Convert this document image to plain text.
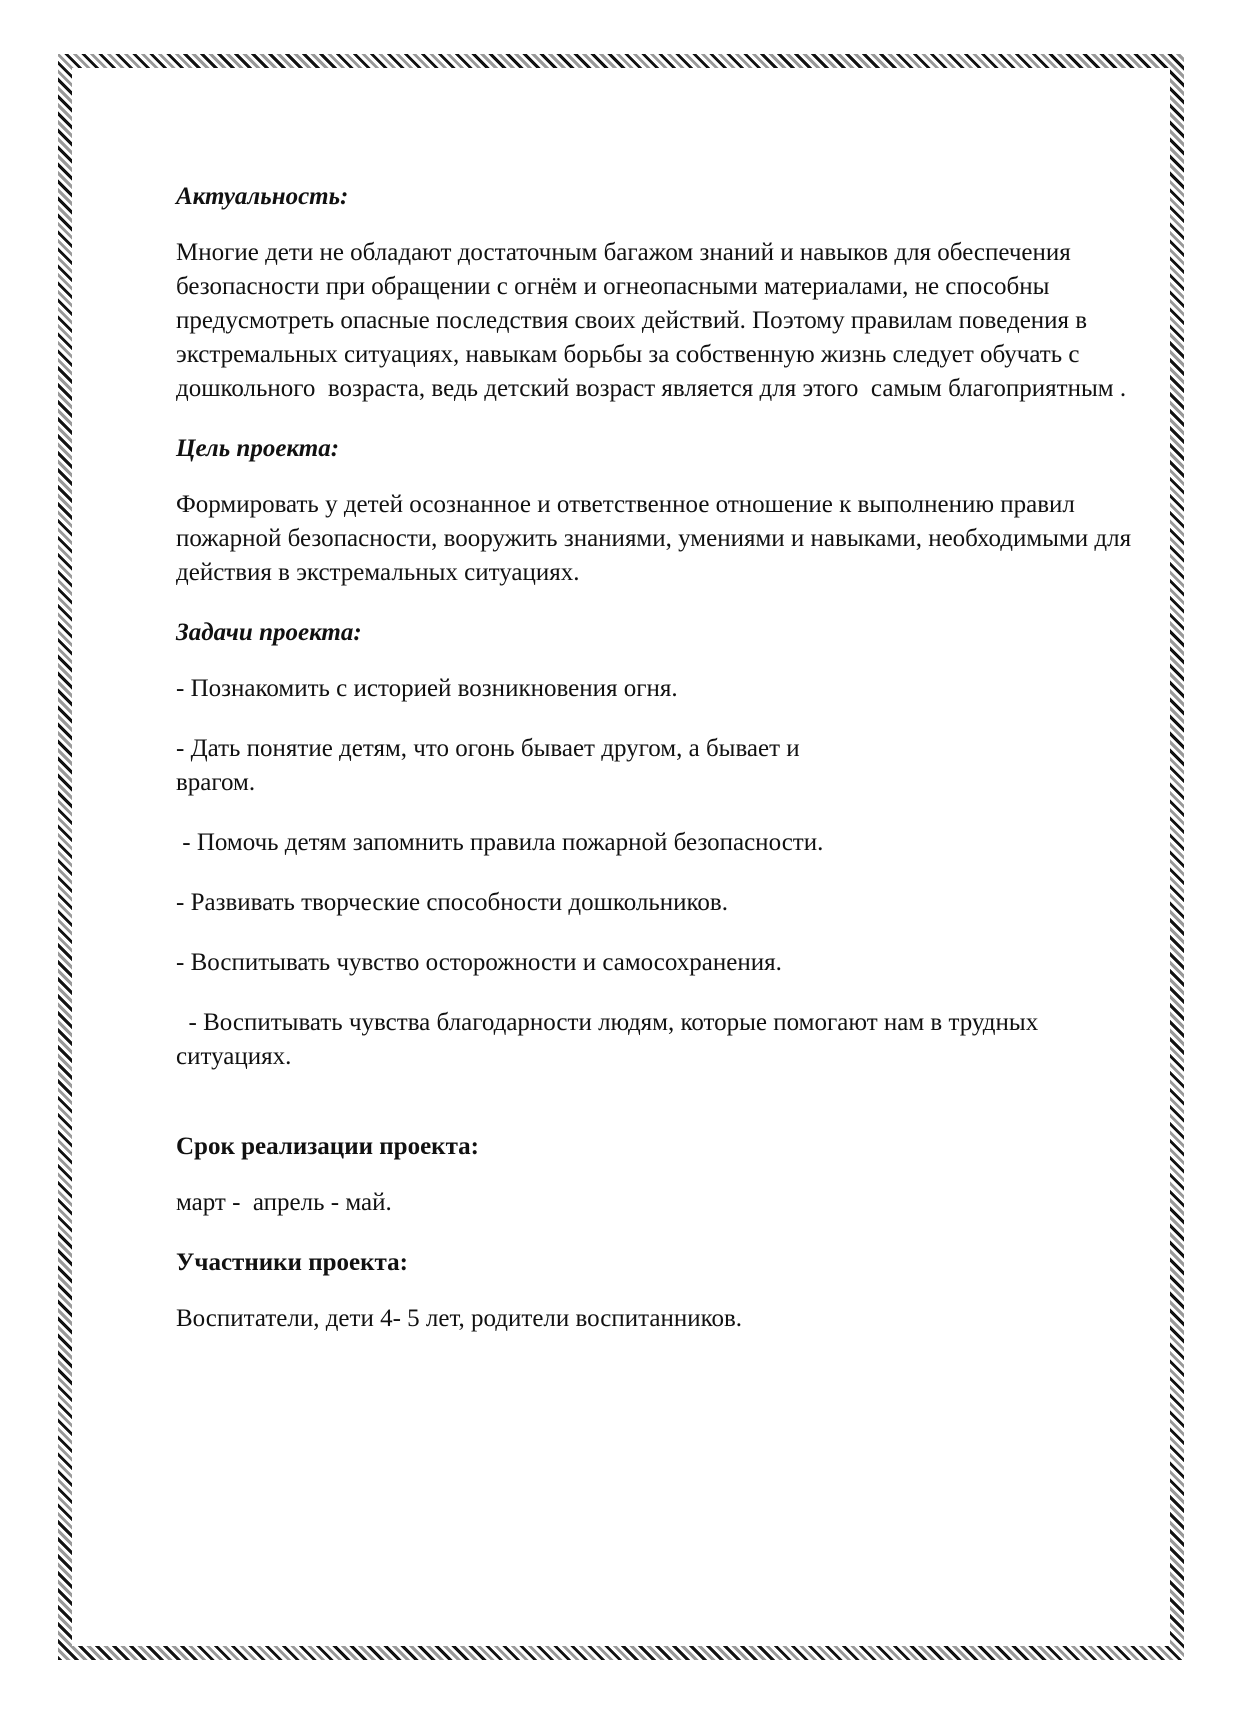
Актуальность:
Многие дети не обладают достаточным багажом знаний и навыков для обеспечения безопасности при обращении с огнём и огнеопасными материалами, не способны предусмотреть опасные последствия своих действий. Поэтому правилам поведения в экстремальных ситуациях, навыкам борьбы за собственную жизнь следует обучать с дошкольного  возраста, ведь детский возраст является для этого  самым благоприятным .
Цель проекта:
Формировать у детей осознанное и ответственное отношение к выполнению правил пожарной безопасности, вооружить знаниями, умениями и навыками, необходимыми для действия в экстремальных ситуациях.
Задачи проекта:
- Познакомить с историей возникновения огня.
- Дать понятие детям, что огонь бывает другом, а бывает и
врагом.
- Помочь детям запомнить правила пожарной безопасности.
- Развивать творческие способности дошкольников.
- Воспитывать чувство осторожности и самосохранения.
- Воспитывать чувства благодарности людям, которые помогают нам в трудных ситуациях.
Срок реализации проекта:
март -  апрель - май.
Участники проекта:
Воспитатели, дети 4- 5 лет, родители воспитанников.
